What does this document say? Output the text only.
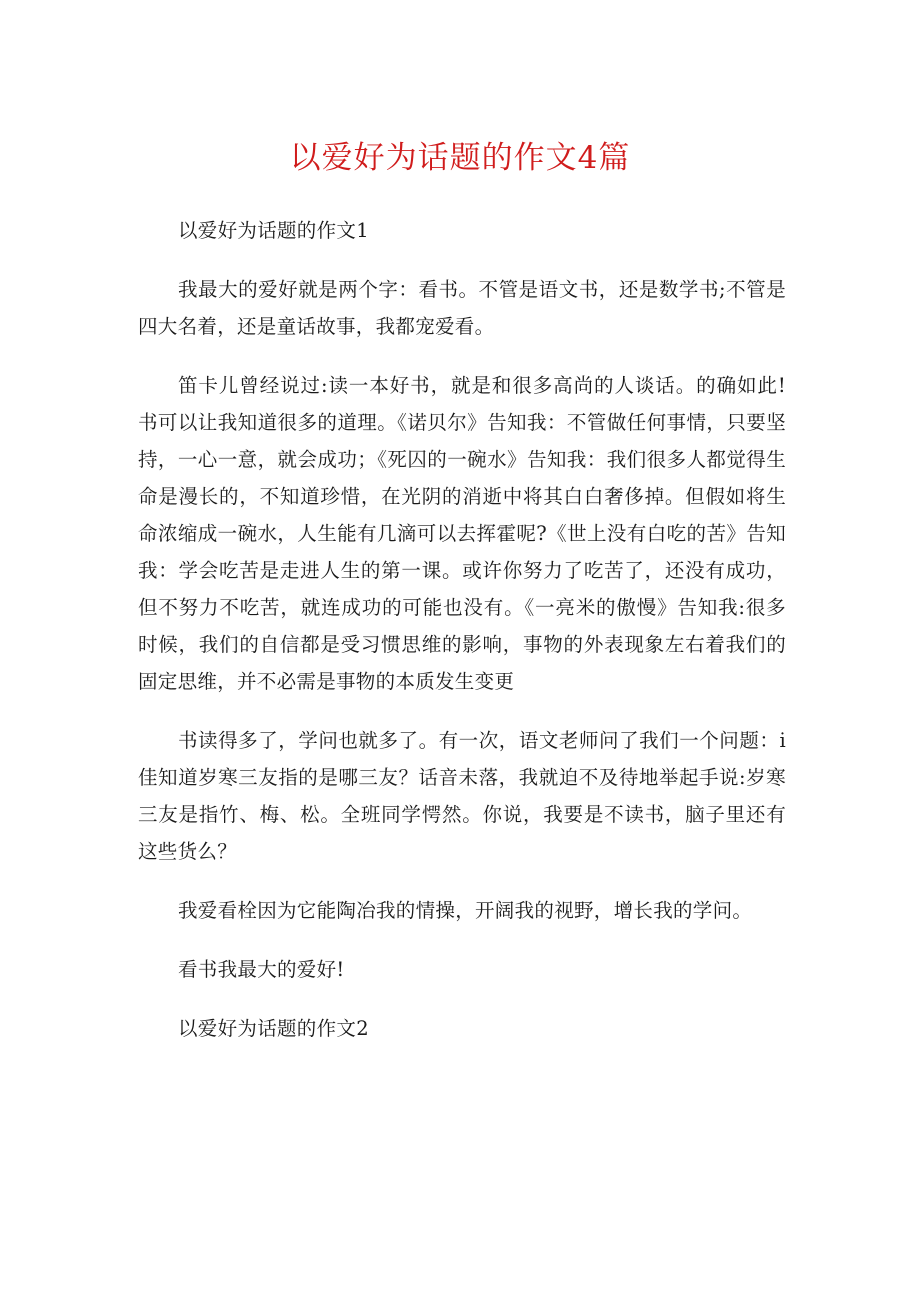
以爱好为话题的作文4篇

以爱好为话题的作文1

我最大的爱好就是两个字：看书。不管是语文书，还是数学书;不管是四大名着，还是童话故事，我都宠爱看。

笛卡儿曾经说过:读一本好书，就是和很多高尚的人谈话。的确如此!书可以让我知道很多的道理。《诺贝尔》告知我：不管做任何事情，只要坚持，一心一意，就会成功；《死囚的一碗水》告知我：我们很多人都觉得生命是漫长的，不知道珍惜，在光阴的消逝中将其白白奢侈掉。但假如将生命浓缩成一碗水，人生能有几滴可以去挥霍呢?《世上没有白吃的苦》告知我：学会吃苦是走进人生的第一课。或许你努力了吃苦了，还没有成功，但不努力不吃苦，就连成功的可能也没有。《一亮米的傲慢》告知我:很多时候，我们的自信都是受习惯思维的影响，事物的外表现象左右着我们的固定思维，并不必需是事物的本质发生变更

书读得多了，学问也就多了。有一次，语文老师问了我们一个问题：i佳知道岁寒三友指的是哪三友？话音未落，我就迫不及待地举起手说:岁寒三友是指竹、梅、松。全班同学愕然。你说，我要是不读书，脑子里还有这些货么？

我爱看栓因为它能陶冶我的情操，开阔我的视野，增长我的学问。

看书我最大的爱好!

以爱好为话题的作文2
